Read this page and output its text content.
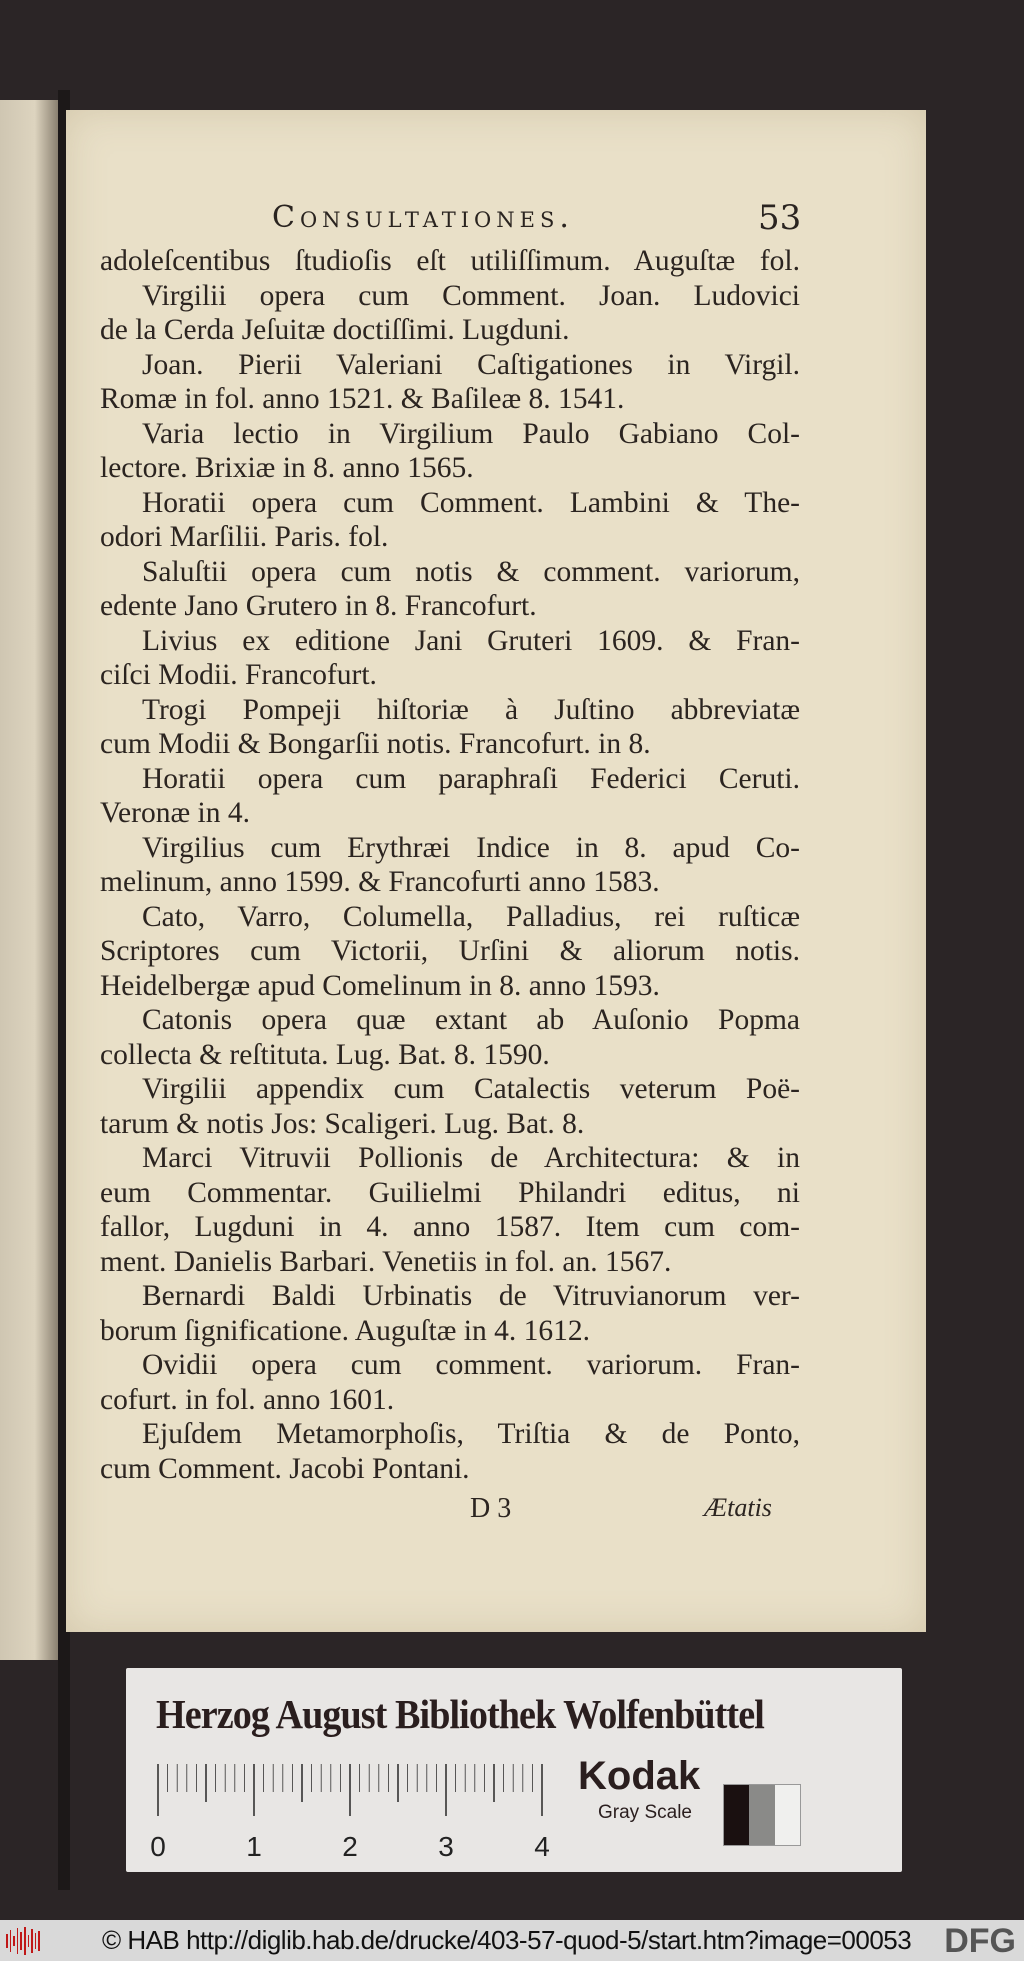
Consultationes.	53
adoleſcentibus ſtudioſis eſt utiliſſimum. Auguſtæ fol.
Virgilii opera cum Comment. Joan. Ludovici
de la Cerda Jeſuitæ doctiſſimi. Lugduni.
Joan. Pierii Valeriani Caſtigationes in Virgil.
Romæ in fol. anno 1521. & Baſileæ 8. 1541.
Varia lectio in Virgilium Paulo Gabiano Col-
lectore. Brixiæ in 8. anno 1565.
Horatii opera cum Comment. Lambini & The-
odori Marſilii. Paris. fol.
Saluſtii opera cum notis & comment. variorum,
edente Jano Grutero in 8. Francofurt.
Livius ex editione Jani Gruteri 1609. & Fran-
ciſci Modii. Francofurt.
Trogi Pompeji hiſtoriæ à Juſtino abbreviatæ
cum Modii & Bongarſii notis. Francofurt. in 8.
Horatii opera cum paraphraſi Federici Ceruti.
Veronæ in 4.
Virgilius cum Erythræi Indice in 8. apud Co-
melinum, anno 1599. & Francofurti anno 1583.
Cato, Varro, Columella, Palladius, rei ruſticæ
Scriptores cum Victorii, Urſini & aliorum notis.
Heidelbergæ apud Comelinum in 8. anno 1593.
Catonis opera quæ extant ab Auſonio Popma
collecta & reſtituta. Lug. Bat. 8. 1590.
Virgilii appendix cum Catalectis veterum Poë-
tarum & notis Jos: Scaligeri. Lug. Bat. 8.
Marci Vitruvii Pollionis de Architectura: & in
eum Commentar. Guilielmi Philandri editus, ni
fallor, Lugduni in 4. anno 1587. Item cum com-
ment. Danielis Barbari. Venetiis in fol. an. 1567.
Bernardi Baldi Urbinatis de Vitruvianorum ver-
borum ſignificatione. Auguſtæ in 4. 1612.
Ovidii opera cum comment. variorum. Fran-
cofurt. in fol. anno 1601.
Ejuſdem Metamorphoſis, Triſtia & de Ponto,
cum Comment. Jacobi Pontani.
D 3	Ætatis
Herzog August Bibliothek Wolfenbüttel
0	1	2	3	4
Kodak
Gray Scale
© HAB http://diglib.hab.de/drucke/403-57-quod-5/start.htm?image=00053 DFG
